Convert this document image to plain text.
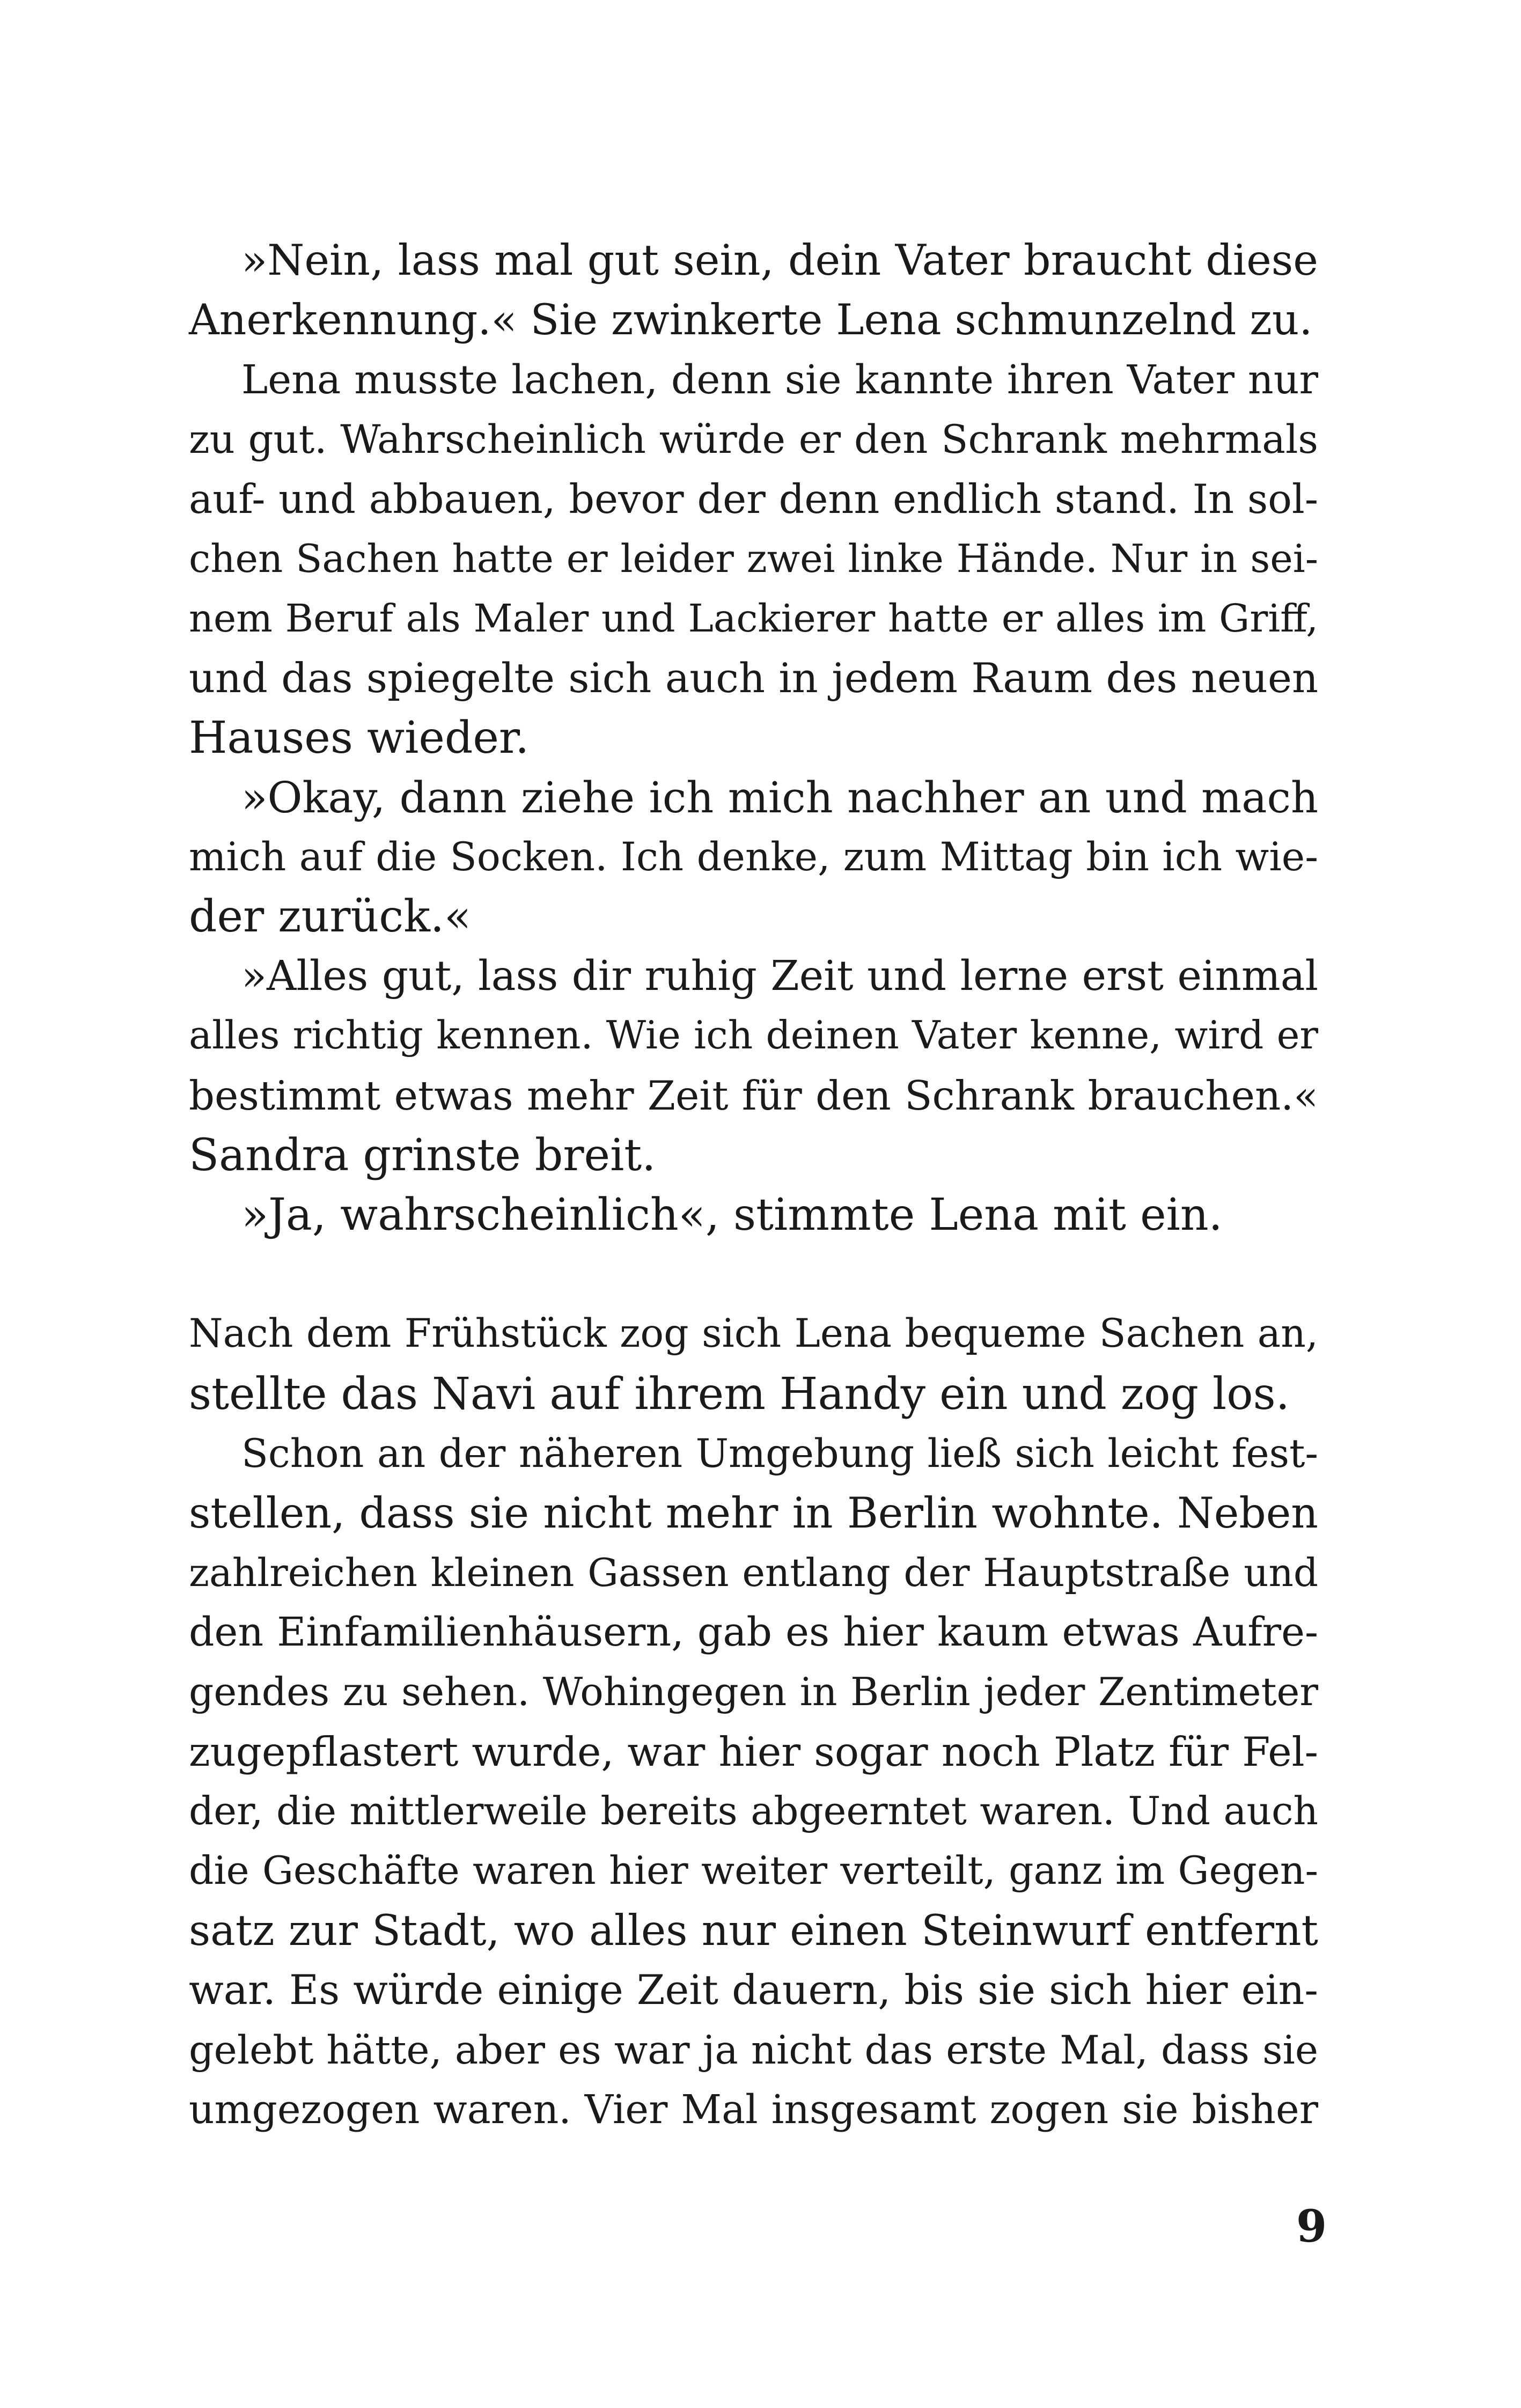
»Nein, lass mal gut sein, dein Vater braucht diese
Anerkennung.« Sie zwinkerte Lena schmunzelnd zu.
Lena musste lachen, denn sie kannte ihren Vater nur
zu gut. Wahrscheinlich würde er den Schrank mehrmals
auf- und abbauen, bevor der denn endlich stand. In sol-
chen Sachen hatte er leider zwei linke Hände. Nur in sei-
nem Beruf als Maler und Lackierer hatte er alles im Griff,
und das spiegelte sich auch in jedem Raum des neuen
Hauses wieder.
»Okay, dann ziehe ich mich nachher an und mach
mich auf die Socken. Ich denke, zum Mittag bin ich wie-
der zurück.«
»Alles gut, lass dir ruhig Zeit und lerne erst einmal
alles richtig kennen. Wie ich deinen Vater kenne, wird er
bestimmt etwas mehr Zeit für den Schrank brauchen.«
Sandra grinste breit.
»Ja, wahrscheinlich«, stimmte Lena mit ein.
Nach dem Frühstück zog sich Lena bequeme Sachen an,
stellte das Navi auf ihrem Handy ein und zog los.
Schon an der näheren Umgebung ließ sich leicht fest-
stellen, dass sie nicht mehr in Berlin wohnte. Neben
zahlreichen kleinen Gassen entlang der Hauptstraße und
den Einfamilienhäusern, gab es hier kaum etwas Aufre-
gendes zu sehen. Wohingegen in Berlin jeder Zentimeter
zugepflastert wurde, war hier sogar noch Platz für Fel-
der, die mittlerweile bereits abgeerntet waren. Und auch
die Geschäfte waren hier weiter verteilt, ganz im Gegen-
satz zur Stadt, wo alles nur einen Steinwurf entfernt
war. Es würde einige Zeit dauern, bis sie sich hier ein-
gelebt hätte, aber es war ja nicht das erste Mal, dass sie
umgezogen waren. Vier Mal insgesamt zogen sie bisher
9
